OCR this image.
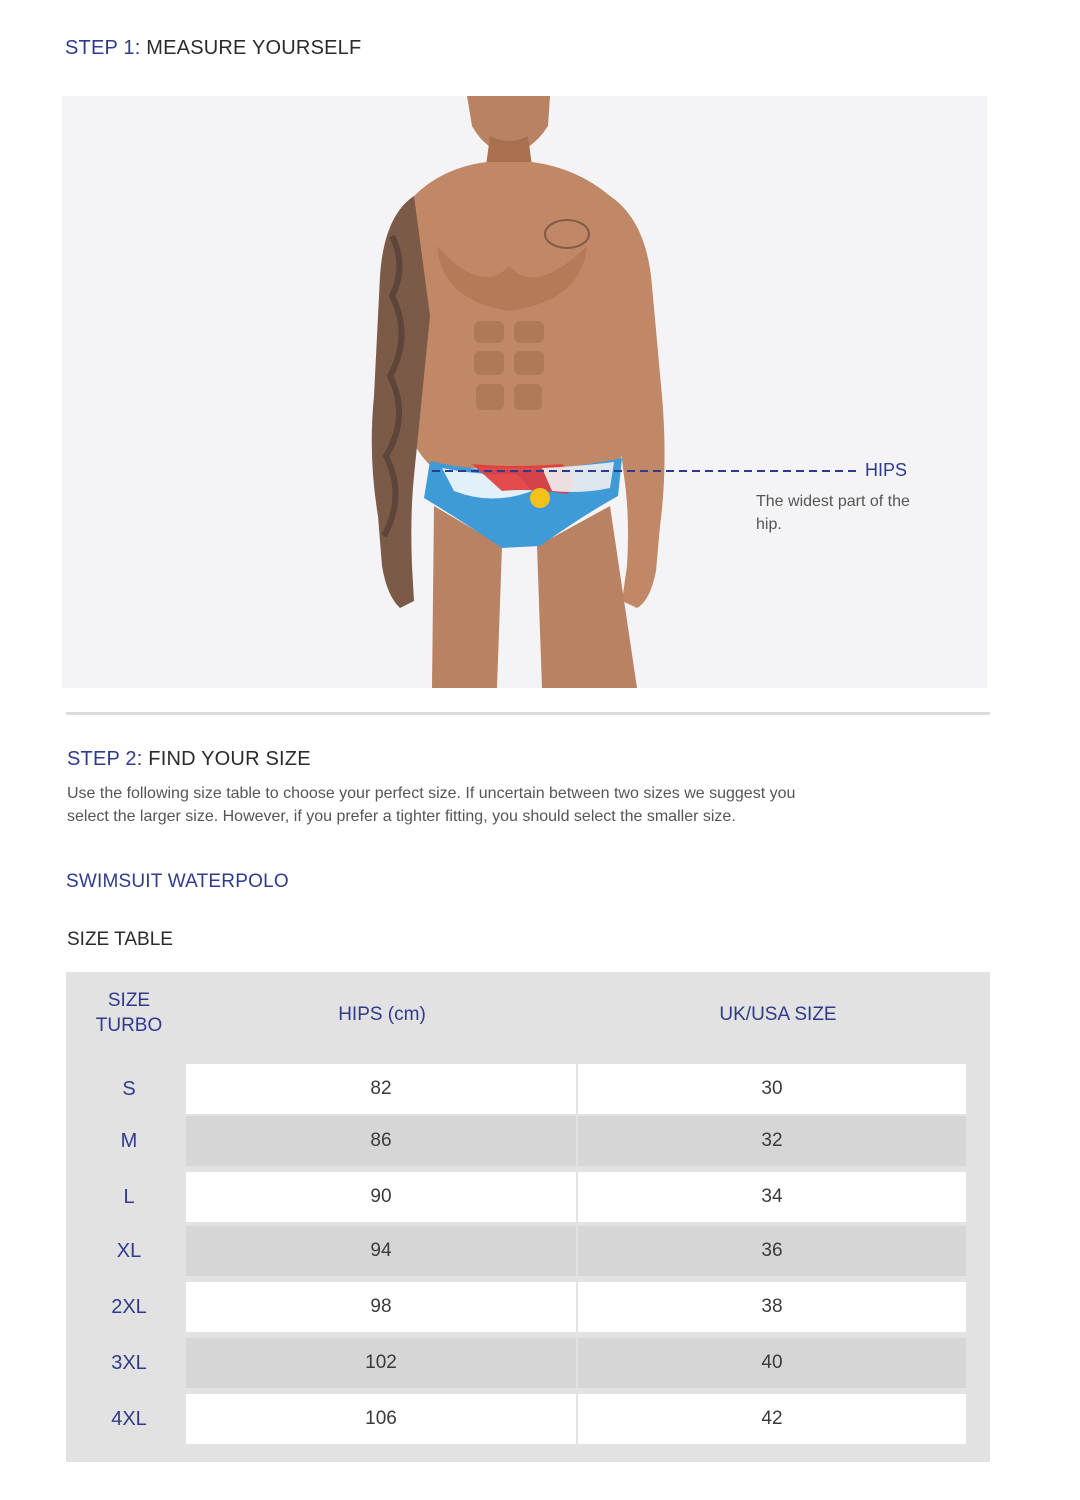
STEP 1: MEASURE YOURSELF
HIPS
The widest part of the hip.
STEP 2: FIND YOUR SIZE
Use the following size table to choose your perfect size. If uncertain between two sizes we suggest you select the larger size. However, if you prefer a tighter fitting, you should select the smaller size.
SWIMSUIT WATERPOLO
SIZE TABLE
SIZE
TURBO
HIPS (cm)	UK/USA SIZE
S	82	30
M	86	32
L	90	34
XL	94	36
2XL	98	38
3XL	102	40
4XL	106	42
